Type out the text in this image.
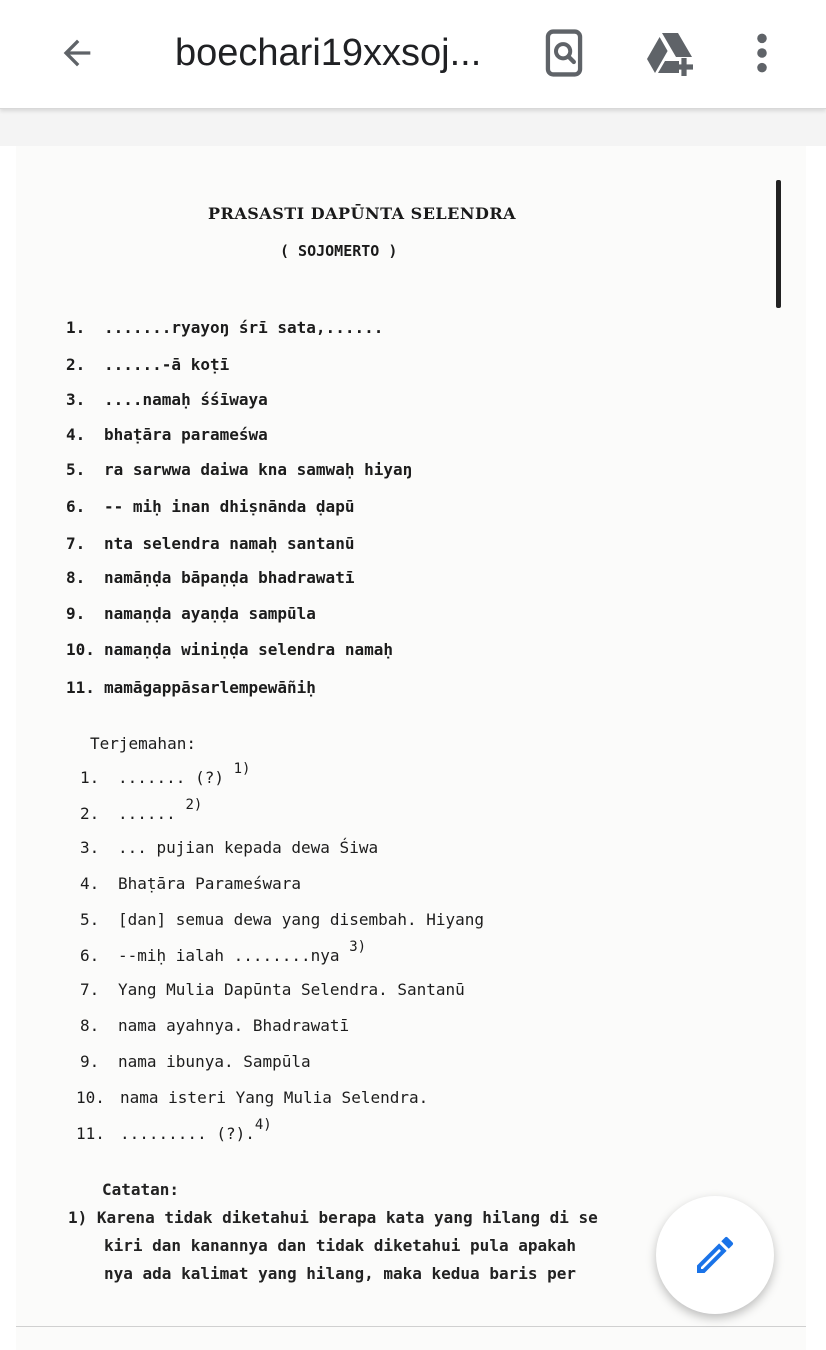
boechari19xxsoj...
PRASASTI DAPŪNTA SELENDRA
( SOJOMERTO )
1. .......ryayoŋ śrī sata,......
2. ......-ā koṭī
3. ....namaḥ śśīwaya
4. bhaṭāra parameśwa
5. ra sarwwa daiwa kna samwaḥ hiyaŋ
6. -- miḥ inan dhiṣnānda ḍapū
7. nta selendra namaḥ santanū
8. namāṇḍa bāpaṇḍa bhadrawatī
9. namaṇḍa ayaṇḍa sampūla
10. namaṇḍa winiṇḍa selendra namaḥ
11. mamāgappāsarlempewāñiḥ
Terjemahan:
1. ....... (?) 1)
2. ...... 2)
3. ... pujian kepada dewa Śiwa
4. Bhaṭāra Parameśwara
5. [dan] semua dewa yang disembah. Hiyang
6. --miḥ ialah ........nya 3)
7. Yang Mulia Dapūnta Selendra. Santanū
8. nama ayahnya. Bhadrawatī
9. nama ibunya. Sampūla
10. nama isteri Yang Mulia Selendra.
11. ......... (?).4)
Catatan:
1) Karena tidak diketahui berapa kata yang hilang di se
kiri dan kanannya dan tidak diketahui pula apakah
nya ada kalimat yang hilang, maka kedua baris per
